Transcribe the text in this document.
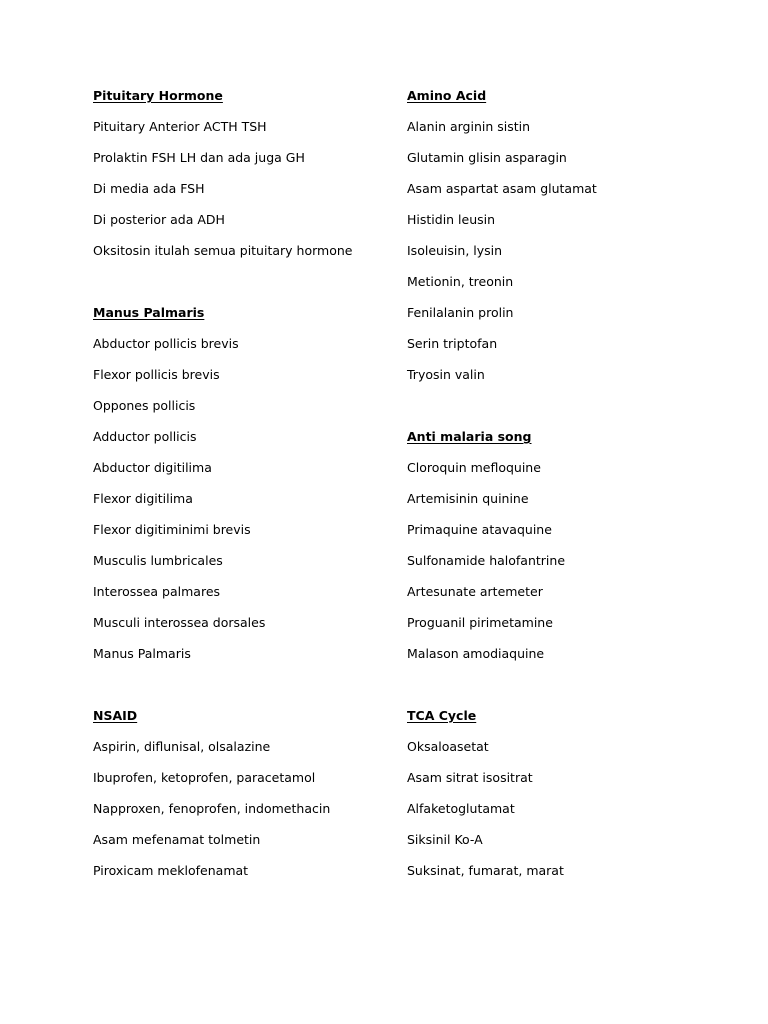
Pituitary Hormone
Pituitary Anterior ACTH TSH
Prolaktin FSH LH dan ada juga GH
Di media ada FSH
Di posterior ada ADH
Oksitosin itulah semua pituitary hormone
Manus Palmaris
Abductor pollicis brevis
Flexor pollicis brevis
Oppones pollicis
Adductor pollicis
Abductor digitilima
Flexor digitilima
Flexor digitiminimi brevis
Musculis lumbricales
Interossea palmares
Musculi interossea dorsales
Manus Palmaris
NSAID
Aspirin, diflunisal, olsalazine
Ibuprofen, ketoprofen, paracetamol
Napproxen, fenoprofen, indomethacin
Asam mefenamat tolmetin
Piroxicam meklofenamat
Amino Acid
Alanin arginin sistin
Glutamin glisin asparagin
Asam aspartat asam glutamat
Histidin leusin
Isoleuisin, lysin
Metionin, treonin
Fenilalanin prolin
Serin triptofan
Tryosin valin
Anti malaria song
Cloroquin mefloquine
Artemisinin quinine
Primaquine atavaquine
Sulfonamide halofantrine
Artesunate artemeter
Proguanil pirimetamine
Malason amodiaquine
TCA Cycle
Oksaloasetat
Asam sitrat isositrat
Alfaketoglutamat
Siksinil Ko-A
Suksinat, fumarat, marat
